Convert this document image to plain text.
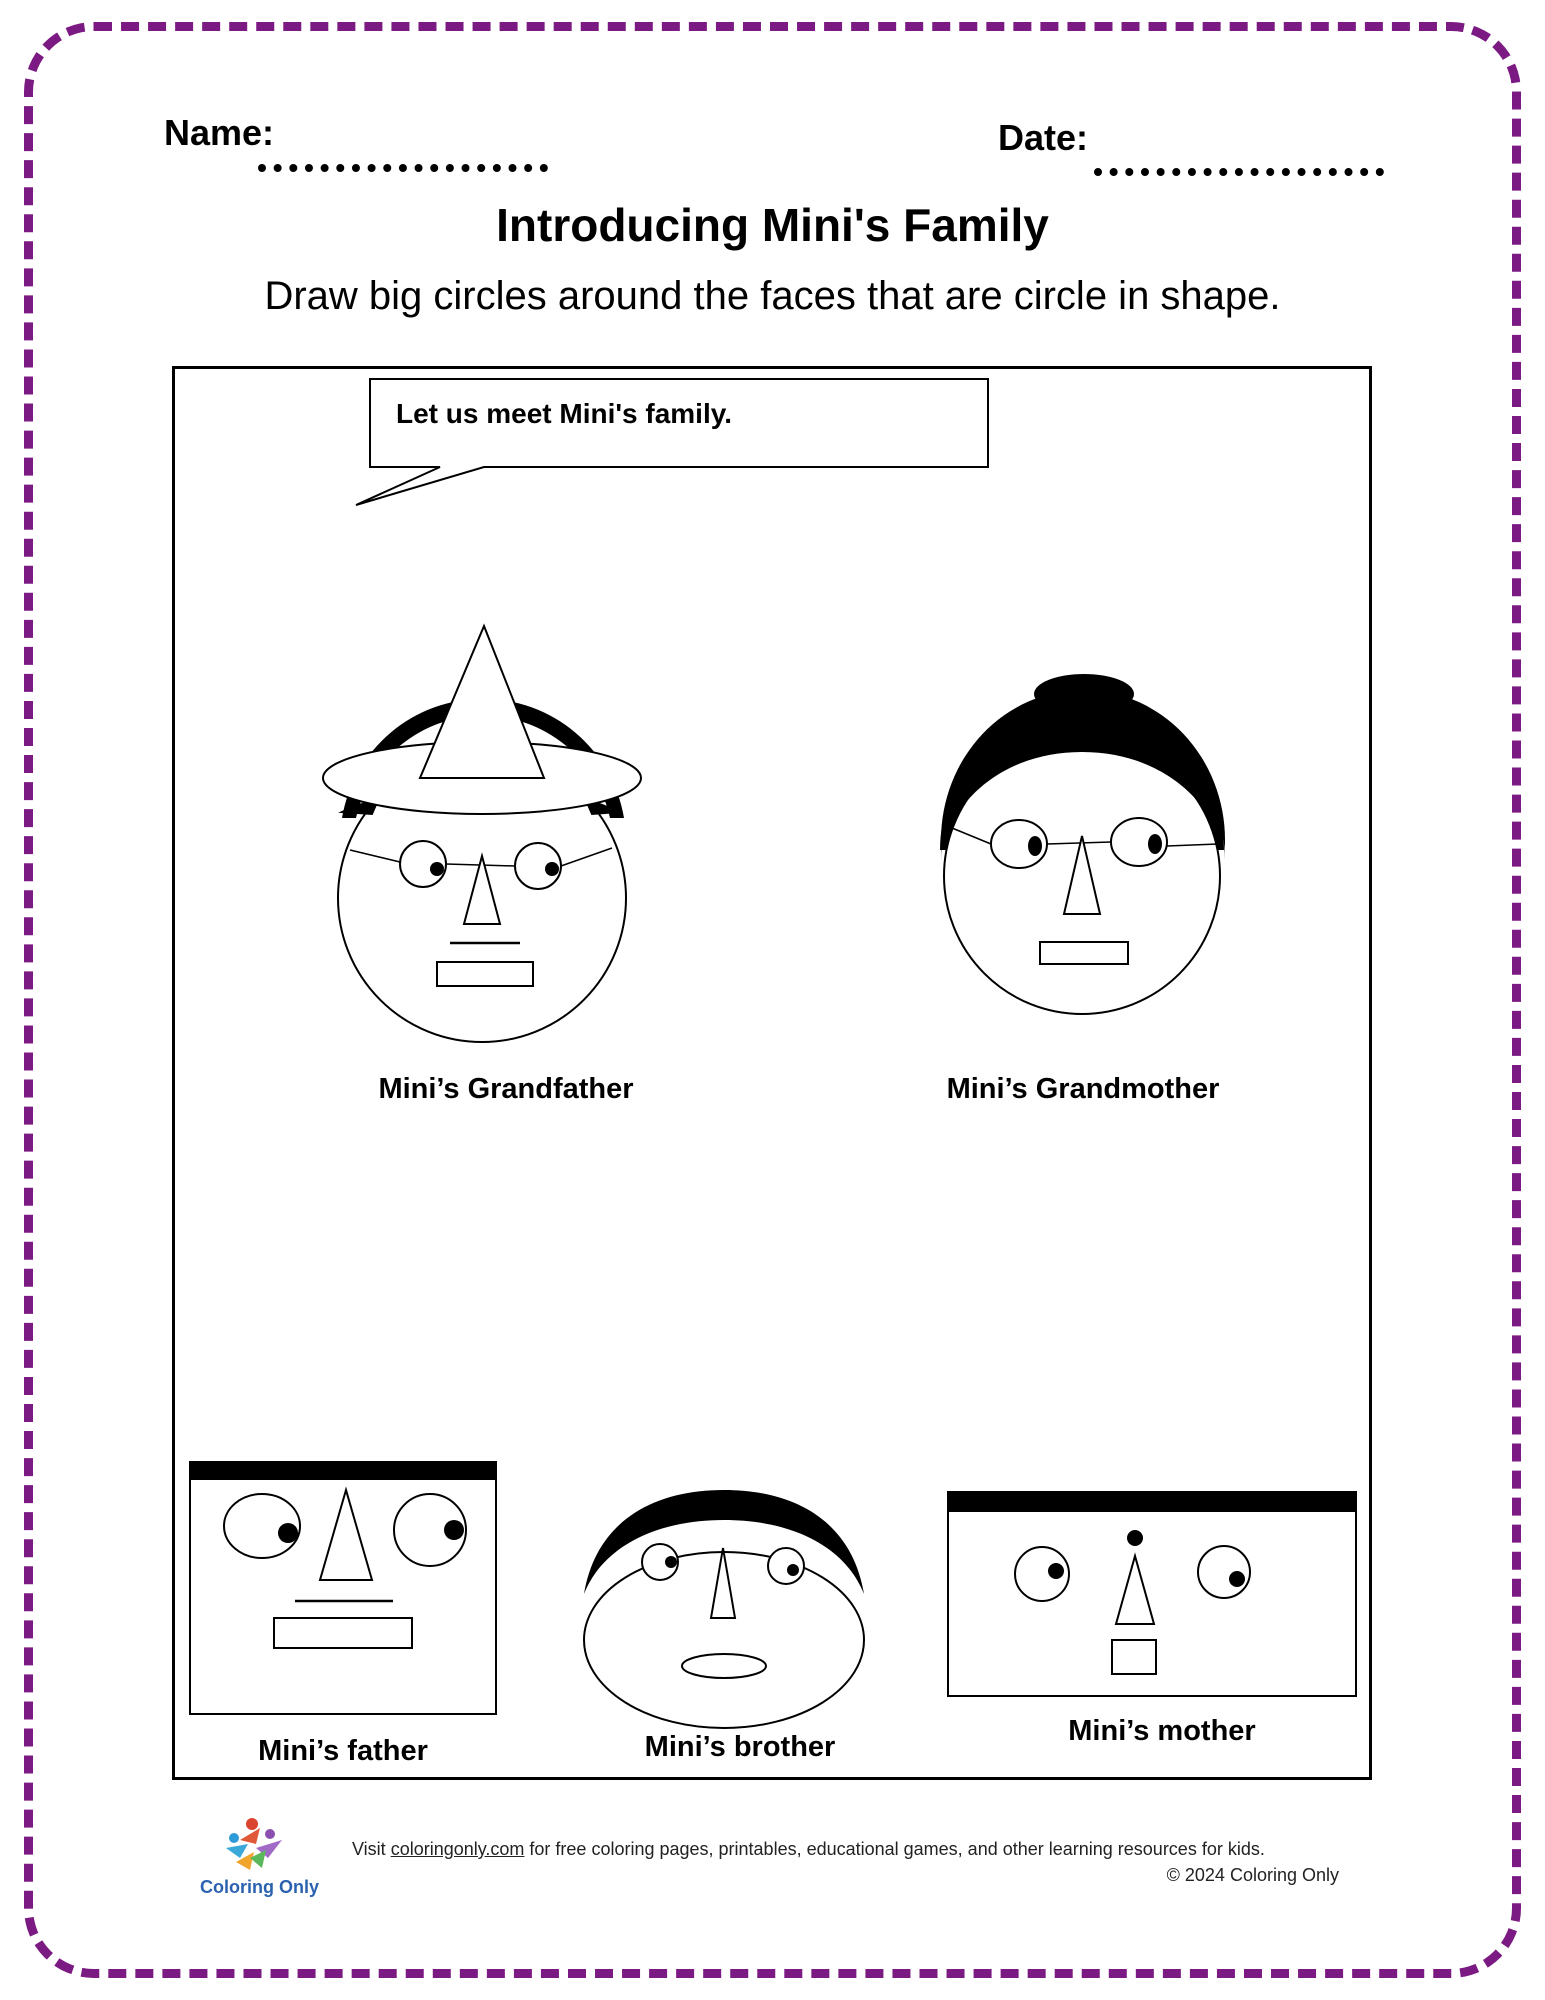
Name:	Date:
Introducing Mini's Family
Draw big circles around the faces that are circle in shape.
Let us meet Mini's family.
Mini’s Grandfather	Mini’s Grandmother
Mini’s father	Mini’s brother	Mini’s mother
Visit coloringonly.com for free coloring pages, printables, educational games, and other learning resources for kids.
© 2024 Coloring Only
Coloring Only
